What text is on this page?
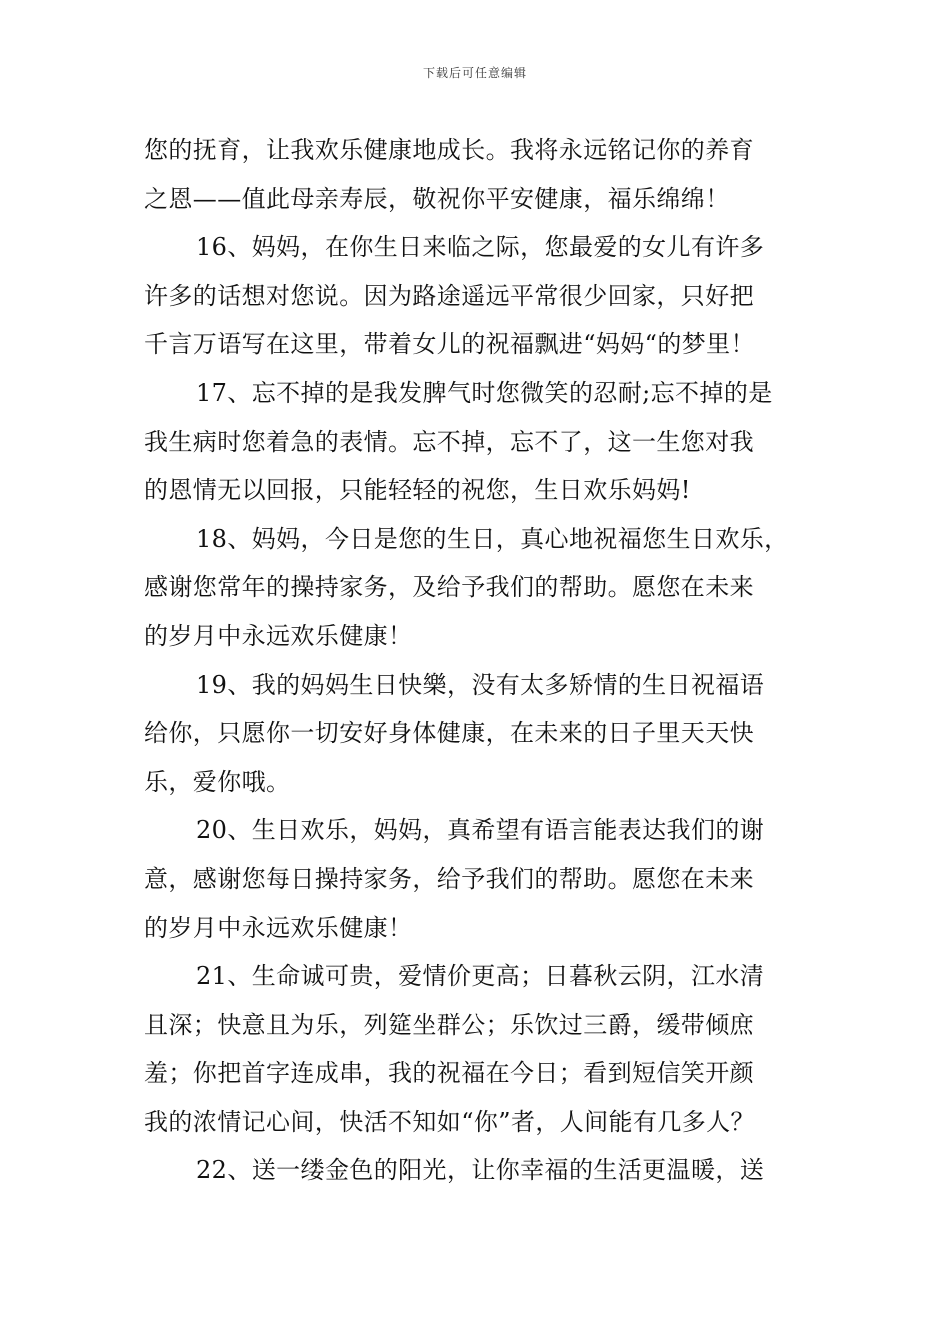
下载后可任意编辑
您的抚育，让我欢乐健康地成长。我将永远铭记你的养育
之恩——值此母亲寿辰，敬祝你平安健康，福乐绵绵！
16、妈妈，在你生日来临之际，您最爱的女儿有许多
许多的话想对您说。因为路途遥远平常很少回家，只好把
千言万语写在这里，带着女儿的祝福飘进“妈妈“的梦里！
17、忘不掉的是我发脾气时您微笑的忍耐;忘不掉的是
我生病时您着急的表情。忘不掉，忘不了，这一生您对我
的恩情无以回报，只能轻轻的祝您，生日欢乐妈妈!
18、妈妈，今日是您的生日，真心地祝福您生日欢乐，
感谢您常年的操持家务，及给予我们的帮助。愿您在未来
的岁月中永远欢乐健康！
19、我的妈妈生日快樂，没有太多矫情的生日祝福语
给你，只愿你一切安好身体健康，在未来的日子里天天快
乐，爱你哦。
20、生日欢乐，妈妈，真希望有语言能表达我们的谢
意，感谢您每日操持家务，给予我们的帮助。愿您在未来
的岁月中永远欢乐健康！
21、生命诚可贵，爱情价更高；日暮秋云阴，江水清
且深；快意且为乐，列筵坐群公；乐饮过三爵，缓带倾庶
羞；你把首字连成串，我的祝福在今日；看到短信笑开颜
我的浓情记心间，快活不知如“你”者，人间能有几多人？
22、送一缕金色的阳光，让你幸福的生活更温暖，送
